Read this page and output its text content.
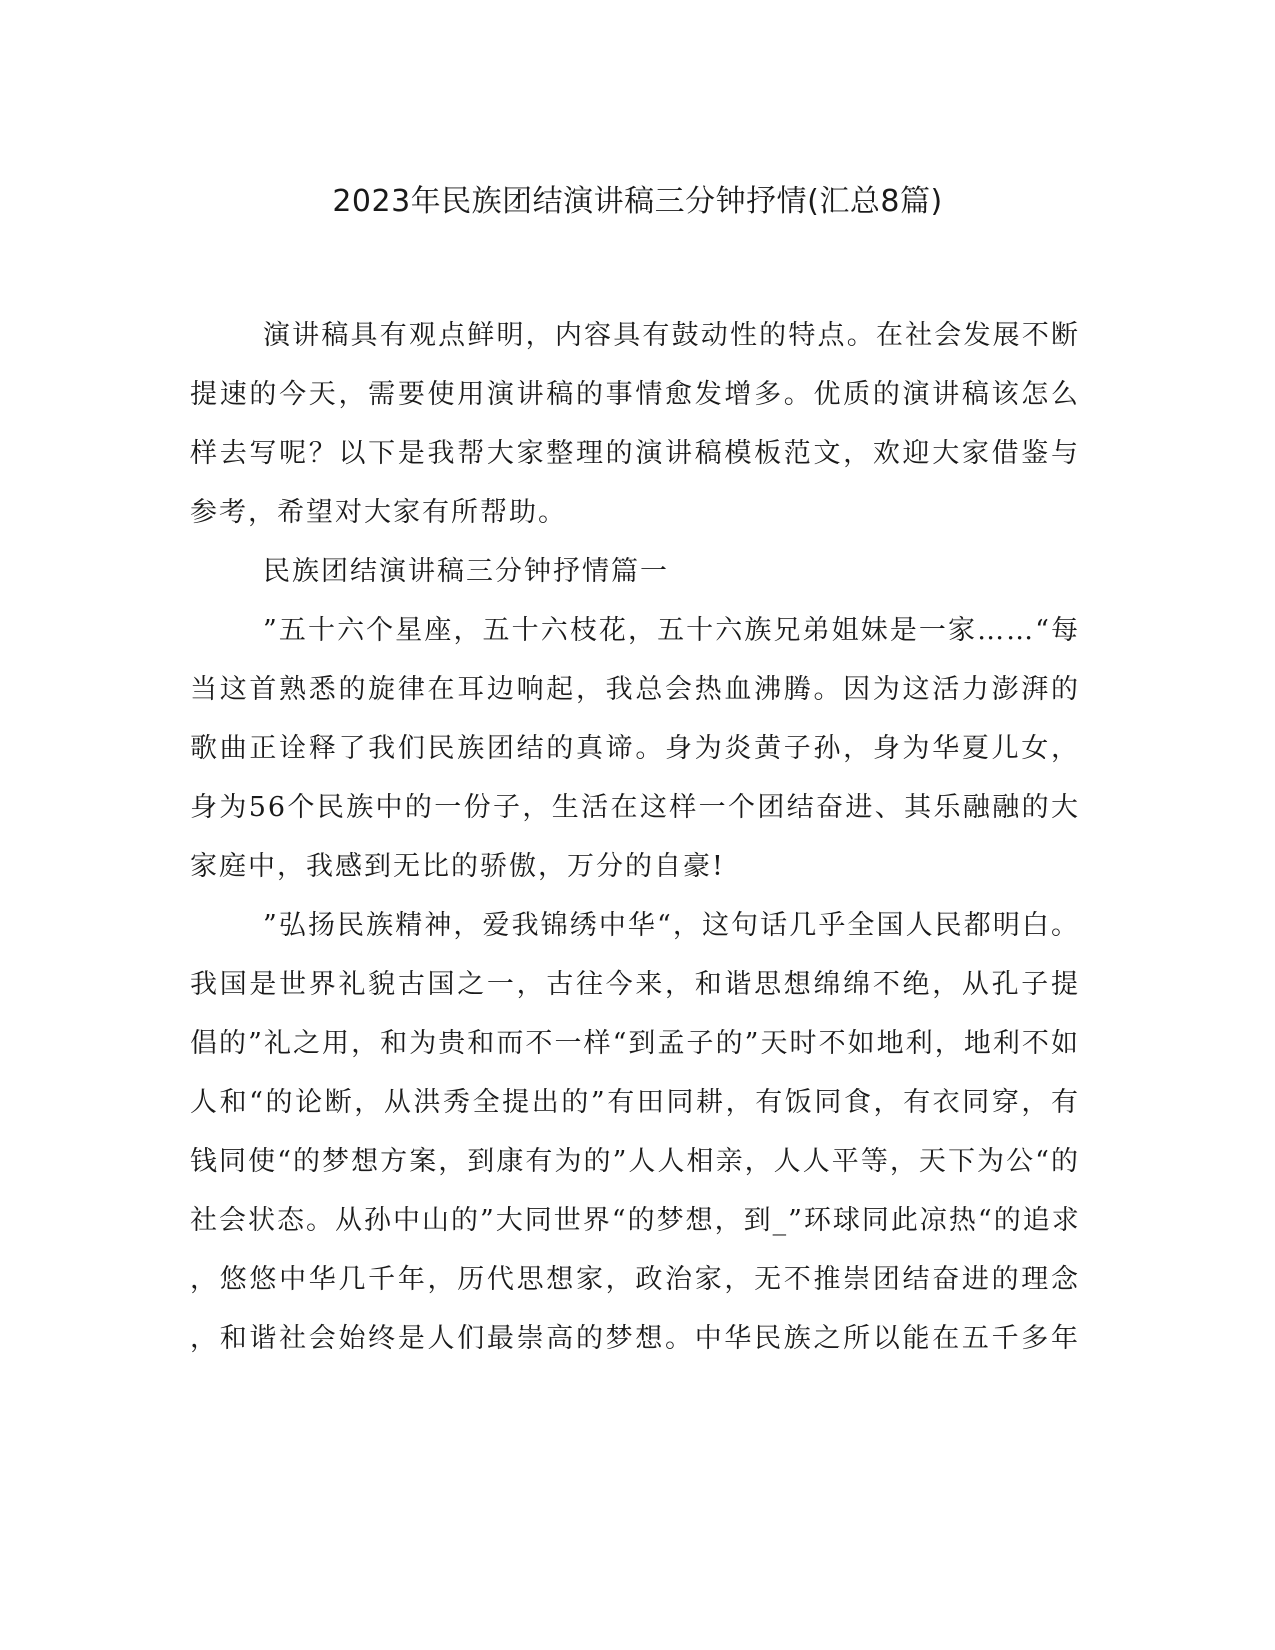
2023年民族团结演讲稿三分钟抒情(汇总8篇)
演讲稿具有观点鲜明，内容具有鼓动性的特点。在社会发展不断
提速的今天，需要使用演讲稿的事情愈发增多。优质的演讲稿该怎么
样去写呢？以下是我帮大家整理的演讲稿模板范文，欢迎大家借鉴与
参考，希望对大家有所帮助。
民族团结演讲稿三分钟抒情篇一
”五十六个星座，五十六枝花，五十六族兄弟姐妹是一家……“每
当这首熟悉的旋律在耳边响起，我总会热血沸腾。因为这活力澎湃的
歌曲正诠释了我们民族团结的真谛。身为炎黄子孙，身为华夏儿女，
身为56个民族中的一份子，生活在这样一个团结奋进、其乐融融的大
家庭中，我感到无比的骄傲，万分的自豪!
”弘扬民族精神，爱我锦绣中华“，这句话几乎全国人民都明白。
我国是世界礼貌古国之一，古往今来，和谐思想绵绵不绝，从孔子提
倡的”礼之用，和为贵和而不一样“到孟子的”天时不如地利，地利不如
人和“的论断，从洪秀全提出的”有田同耕，有饭同食，有衣同穿，有
钱同使“的梦想方案，到康有为的”人人相亲，人人平等，天下为公“的
社会状态。从孙中山的”大同世界“的梦想，到_”环球同此凉热“的追求
，悠悠中华几千年，历代思想家，政治家，无不推崇团结奋进的理念
，和谐社会始终是人们最崇高的梦想。中华民族之所以能在五千多年
